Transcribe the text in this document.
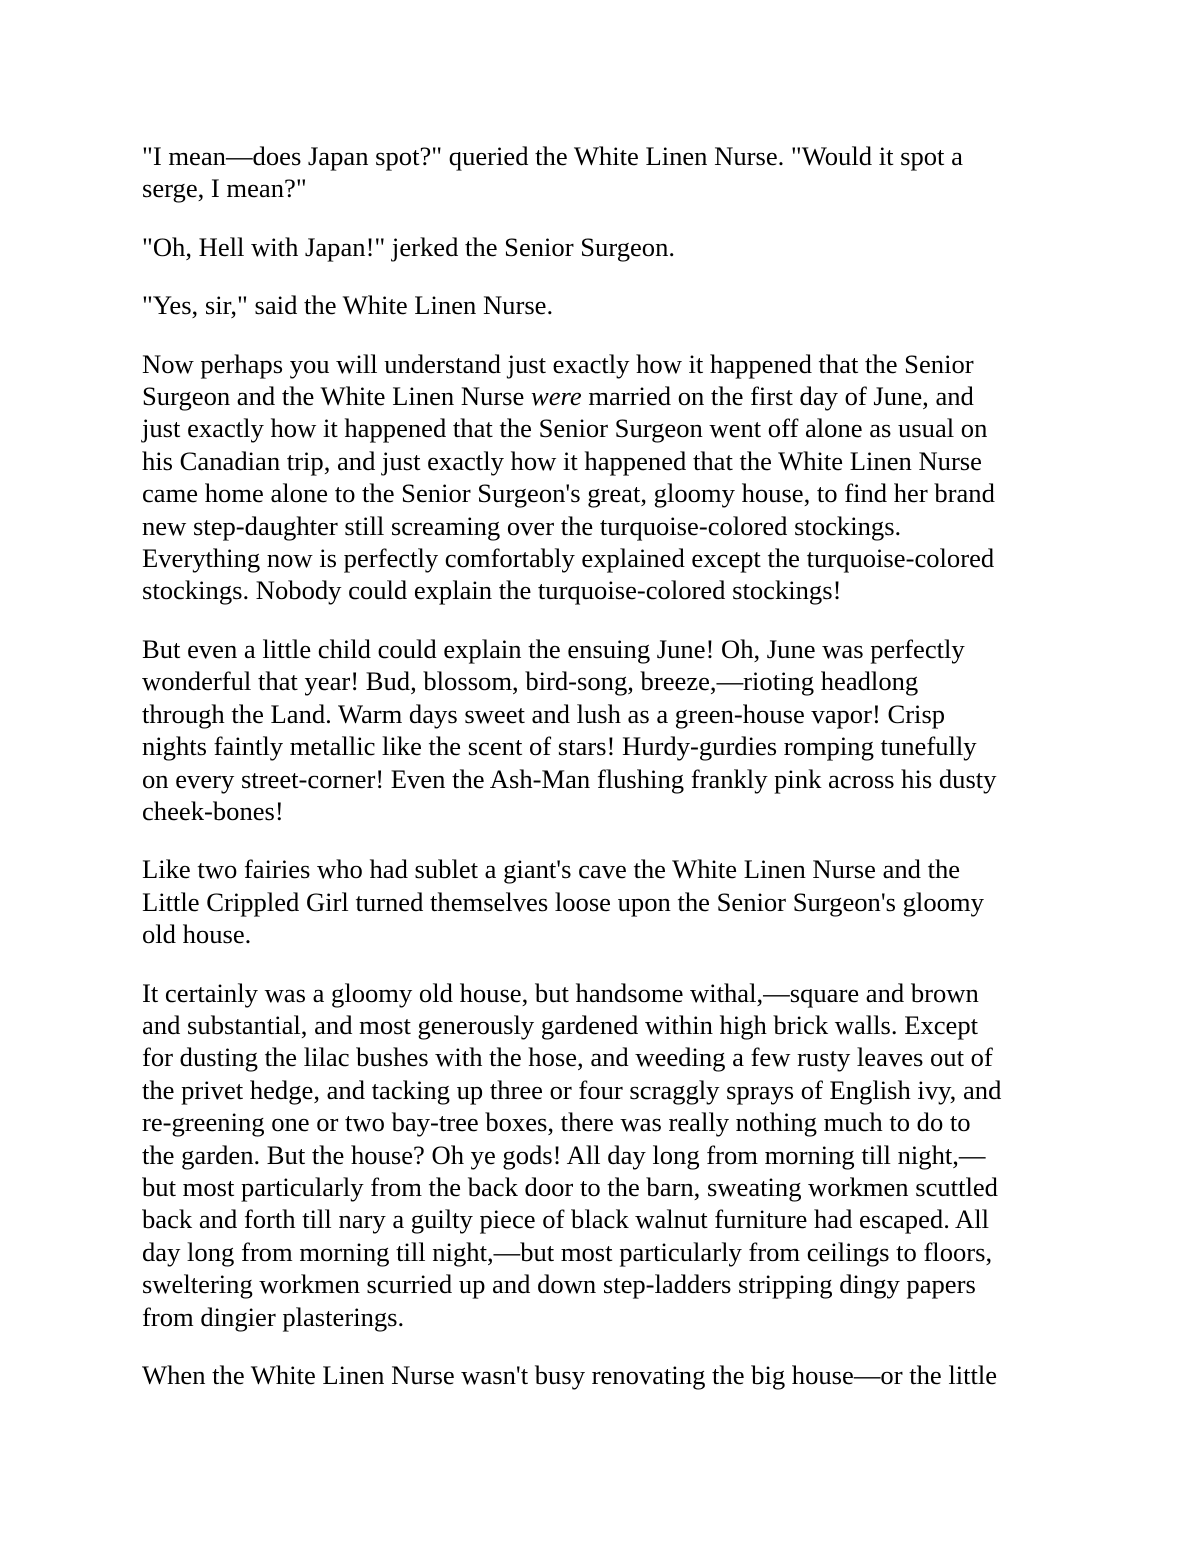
"I mean—does Japan spot?" queried the White Linen Nurse. "Would it spot a
serge, I mean?"

"Oh, Hell with Japan!" jerked the Senior Surgeon.

"Yes, sir," said the White Linen Nurse.

Now perhaps you will understand just exactly how it happened that the Senior
Surgeon and the White Linen Nurse were married on the first day of June, and
just exactly how it happened that the Senior Surgeon went off alone as usual on
his Canadian trip, and just exactly how it happened that the White Linen Nurse
came home alone to the Senior Surgeon's great, gloomy house, to find her brand
new step-daughter still screaming over the turquoise-colored stockings.
Everything now is perfectly comfortably explained except the turquoise-colored
stockings. Nobody could explain the turquoise-colored stockings!

But even a little child could explain the ensuing June! Oh, June was perfectly
wonderful that year! Bud, blossom, bird-song, breeze,—rioting headlong
through the Land. Warm days sweet and lush as a green-house vapor! Crisp
nights faintly metallic like the scent of stars! Hurdy-gurdies romping tunefully
on every street-corner! Even the Ash-Man flushing frankly pink across his dusty
cheek-bones!

Like two fairies who had sublet a giant's cave the White Linen Nurse and the
Little Crippled Girl turned themselves loose upon the Senior Surgeon's gloomy
old house.

It certainly was a gloomy old house, but handsome withal,—square and brown
and substantial, and most generously gardened within high brick walls. Except
for dusting the lilac bushes with the hose, and weeding a few rusty leaves out of
the privet hedge, and tacking up three or four scraggly sprays of English ivy, and
re-greening one or two bay-tree boxes, there was really nothing much to do to
the garden. But the house? Oh ye gods! All day long from morning till night,—
but most particularly from the back door to the barn, sweating workmen scuttled
back and forth till nary a guilty piece of black walnut furniture had escaped. All
day long from morning till night,—but most particularly from ceilings to floors,
sweltering workmen scurried up and down step-ladders stripping dingy papers
from dingier plasterings.

When the White Linen Nurse wasn't busy renovating the big house—or the little
